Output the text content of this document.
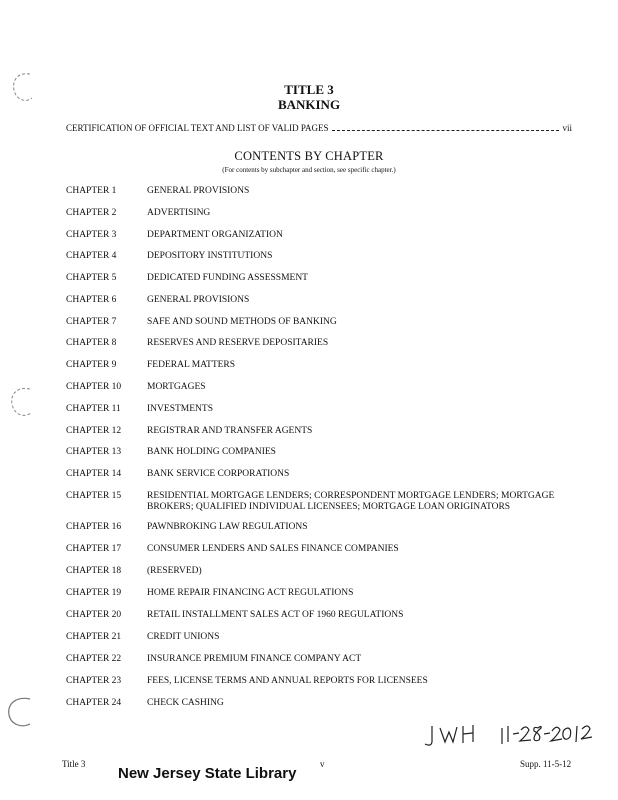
TITLE 3
BANKING
CERTIFICATION OF OFFICIAL TEXT AND LIST OF VALID PAGES	vii
CONTENTS BY CHAPTER
(For contents by subchapter and section, see specific chapter.)
CHAPTER 1	GENERAL PROVISIONS
CHAPTER 2	ADVERTISING
CHAPTER 3	DEPARTMENT ORGANIZATION
CHAPTER 4	DEPOSITORY INSTITUTIONS
CHAPTER 5	DEDICATED FUNDING ASSESSMENT
CHAPTER 6	GENERAL PROVISIONS
CHAPTER 7	SAFE AND SOUND METHODS OF BANKING
CHAPTER 8	RESERVES AND RESERVE DEPOSITARIES
CHAPTER 9	FEDERAL MATTERS
CHAPTER 10	MORTGAGES
CHAPTER 11	INVESTMENTS
CHAPTER 12	REGISTRAR AND TRANSFER AGENTS
CHAPTER 13	BANK HOLDING COMPANIES
CHAPTER 14	BANK SERVICE CORPORATIONS
CHAPTER 15	RESIDENTIAL MORTGAGE LENDERS; CORRESPONDENT MORTGAGE LENDERS; MORTGAGE BROKERS; QUALIFIED INDIVIDUAL LICENSEES; MORTGAGE LOAN ORIGINATORS
CHAPTER 16	PAWNBROKING LAW REGULATIONS
CHAPTER 17	CONSUMER LENDERS AND SALES FINANCE COMPANIES
CHAPTER 18	(RESERVED)
CHAPTER 19	HOME REPAIR FINANCING ACT REGULATIONS
CHAPTER 20	RETAIL INSTALLMENT SALES ACT OF 1960 REGULATIONS
CHAPTER 21	CREDIT UNIONS
CHAPTER 22	INSURANCE PREMIUM FINANCE COMPANY ACT
CHAPTER 23	FEES, LICENSE TERMS AND ANNUAL REPORTS FOR LICENSEES
CHAPTER 24	CHECK CASHING
Title 3	v	Supp. 11-5-12
New Jersey State Library
